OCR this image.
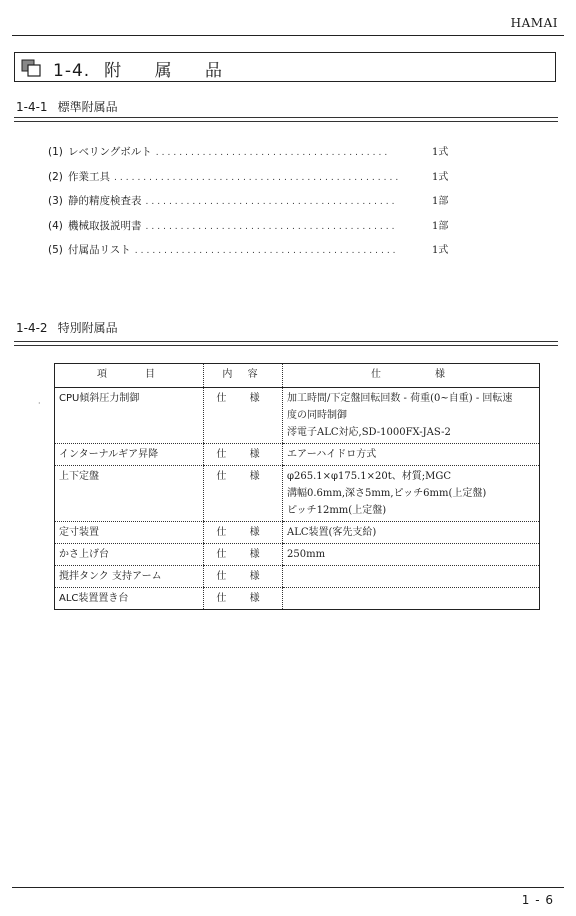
HAMAI
1-4. 附 属 品
1-4-1 標準附属品
(1) レベリングボルト ........................................	1式
(2) 作業工具 .................................................	1式
(3) 静的精度検査表 ...........................................	1部
(4) 機械取扱説明書 ...........................................	1部
(5) 付属品リスト .............................................	1式
1-4-2 特別附属品
·
項　　目	内 容	仕　　　様
CPU傾斜圧力制御	仕 様	加工時間/下定盤回転回数 - 荷重(0~自重) - 回転速
度の同時制御
澪電子ALC対応,SD-1000FX-JAS-2

インターナルギア昇降	仕 様	エアーハイドロ方式

上下定盤	仕 様	φ265.1×φ175.1×20t、材質;MGC
溝幅0.6mm,深さ5mm,ピッチ6mm(上定盤)
ピッチ12mm(上定盤)

定寸装置	仕 様	ALC装置(客先支給)

かさ上げ台	仕 様	250mm

撹拌タンク 支持アーム	仕 様	
ALC装置置き台	仕 様	
1 - 6
